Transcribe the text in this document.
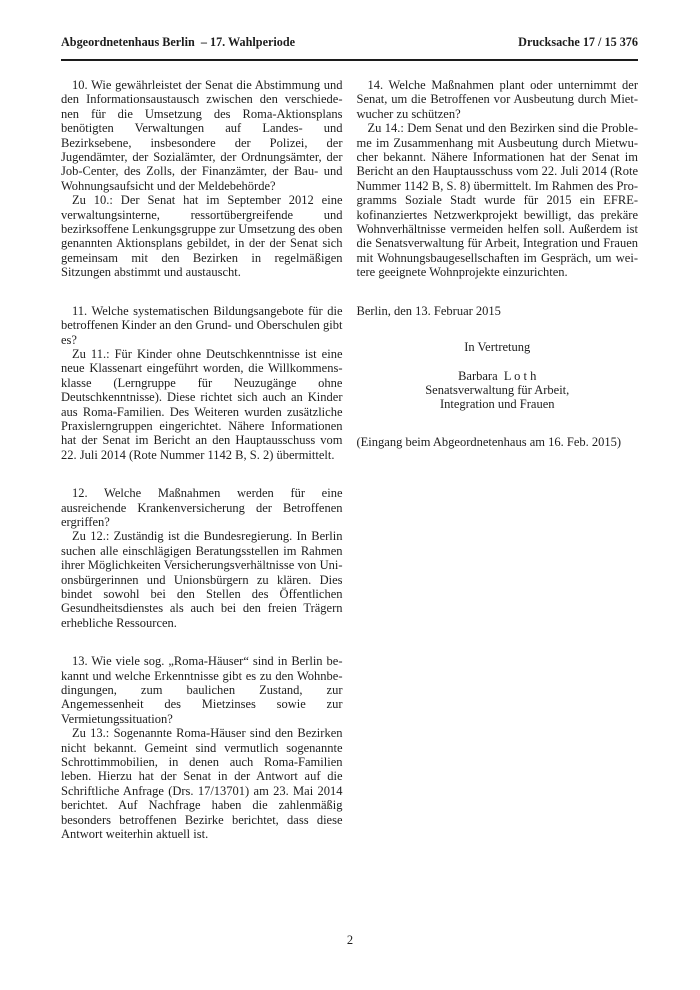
Abgeordnetenhaus Berlin  – 17. Wahlperiode	Drucksache 17 / 15 376

10. Wie gewährleistet der Senat die Abstimmung und den Informationsaustausch zwischen den verschiede-nen für die Umsetzung des Roma-Aktionsplans benötigten Verwaltungen auf Landes- und Bezirksebene, insbesondere der Polizei, der Jugendämter, der Sozialämter, der Ordnungsämter, der Job-Center, des Zolls, der Finanzämter, der Bau- und Wohnungsaufsicht und der Meldebehörde?

Zu 10.: Der Senat hat im September 2012 eine verwaltungsinterne, ressortübergreifende und bezirksoffene Lenkungsgruppe zur Umsetzung des oben genannten Aktionsplans gebildet, in der der Senat sich gemeinsam mit den Bezirken in regelmäßigen Sitzungen abstimmt und austauscht.

11. Welche systematischen Bildungsangebote für die betroffenen Kinder an den Grund- und Oberschulen gibt es?

Zu 11.: Für Kinder ohne Deutschkenntnisse ist eine neue Klassenart eingeführt worden, die Willkommensklasse (Lerngruppe für Neuzugänge ohne Deutschkenntnisse). Diese richtet sich auch an Kinder aus Roma-Familien. Des Weiteren wurden zusätzliche Praxislerngruppen eingerichtet. Nähere Informationen hat der Senat im Bericht an den Hauptausschuss vom 22. Juli 2014 (Rote Nummer 1142 B, S. 2) übermittelt.

12. Welche Maßnahmen werden für eine ausreichende Krankenversicherung der Betroffenen ergriffen?

Zu 12.: Zuständig ist die Bundesregierung. In Berlin suchen alle einschlägigen Beratungsstellen im Rahmen ihrer Möglichkeiten Versicherungsverhältnisse von Unionsbürgerinnen und Unionsbürgern zu klären. Dies bindet sowohl bei den Stellen des Öffentlichen Gesundheitsdienstes als auch bei den freien Trägern erhebliche Ressourcen.

13. Wie viele sog. „Roma-Häuser“ sind in Berlin bekannt und welche Erkenntnisse gibt es zu den Wohnbedingungen, zum baulichen Zustand, zur Angemessenheit des Mietzinses sowie zur Vermietungssituation?

Zu 13.: Sogenannte Roma-Häuser sind den Bezirken nicht bekannt. Gemeint sind vermutlich sogenannte Schrottimmobilien, in denen auch Roma-Familien leben. Hierzu hat der Senat in der Antwort auf die Schriftliche Anfrage (Drs. 17/13701) am 23. Mai 2014 berichtet. Auf Nachfrage haben die zahlenmäßig besonders betroffenen Bezirke berichtet, dass diese Antwort weiterhin aktuell ist.

14. Welche Maßnahmen plant oder unternimmt der Senat, um die Betroffenen vor Ausbeutung durch Mietwucher zu schützen?

Zu 14.: Dem Senat und den Bezirken sind die Probleme im Zusammenhang mit Ausbeutung durch Mietwucher bekannt. Nähere Informationen hat der Senat im Bericht an den Hauptausschuss vom 22. Juli 2014 (Rote Nummer 1142 B, S. 8) übermittelt. Im Rahmen des Programms Soziale Stadt wurde für 2015 ein EFRE-kofinanziertes Netzwerkprojekt bewilligt, das prekäre Wohnverhältnisse vermeiden helfen soll. Außerdem ist die Senatsverwaltung für Arbeit, Integration und Frauen mit Wohnungsbaugesellschaften im Gespräch, um weitere geeignete Wohnprojekte einzurichten.

Berlin, den 13. Februar 2015

In Vertretung

Barbara  L o t h

Senatsverwaltung für Arbeit,

Integration und Frauen

(Eingang beim Abgeordnetenhaus am 16. Feb. 2015)

2
